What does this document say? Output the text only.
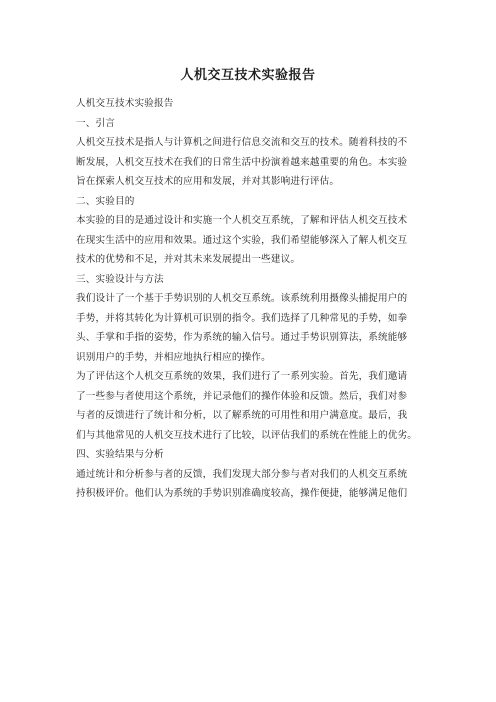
人机交互技术实验报告
人机交互技术实验报告
一、引言
人机交互技术是指人与计算机之间进行信息交流和交互的技术。随着科技的不
断发展，人机交互技术在我们的日常生活中扮演着越来越重要的角色。本实验
旨在探索人机交互技术的应用和发展，并对其影响进行评估。
二、实验目的
本实验的目的是通过设计和实施一个人机交互系统，了解和评估人机交互技术
在现实生活中的应用和效果。通过这个实验，我们希望能够深入了解人机交互
技术的优势和不足，并对其未来发展提出一些建议。
三、实验设计与方法
我们设计了一个基于手势识别的人机交互系统。该系统利用摄像头捕捉用户的
手势，并将其转化为计算机可识别的指令。我们选择了几种常见的手势，如拳
头、手掌和手指的姿势，作为系统的输入信号。通过手势识别算法，系统能够
识别用户的手势，并相应地执行相应的操作。
为了评估这个人机交互系统的效果，我们进行了一系列实验。首先，我们邀请
了一些参与者使用这个系统，并记录他们的操作体验和反馈。然后，我们对参
与者的反馈进行了统计和分析，以了解系统的可用性和用户满意度。最后，我
们与其他常见的人机交互技术进行了比较，以评估我们的系统在性能上的优劣。
四、实验结果与分析
通过统计和分析参与者的反馈，我们发现大部分参与者对我们的人机交互系统
持积极评价。他们认为系统的手势识别准确度较高，操作便捷，能够满足他们
